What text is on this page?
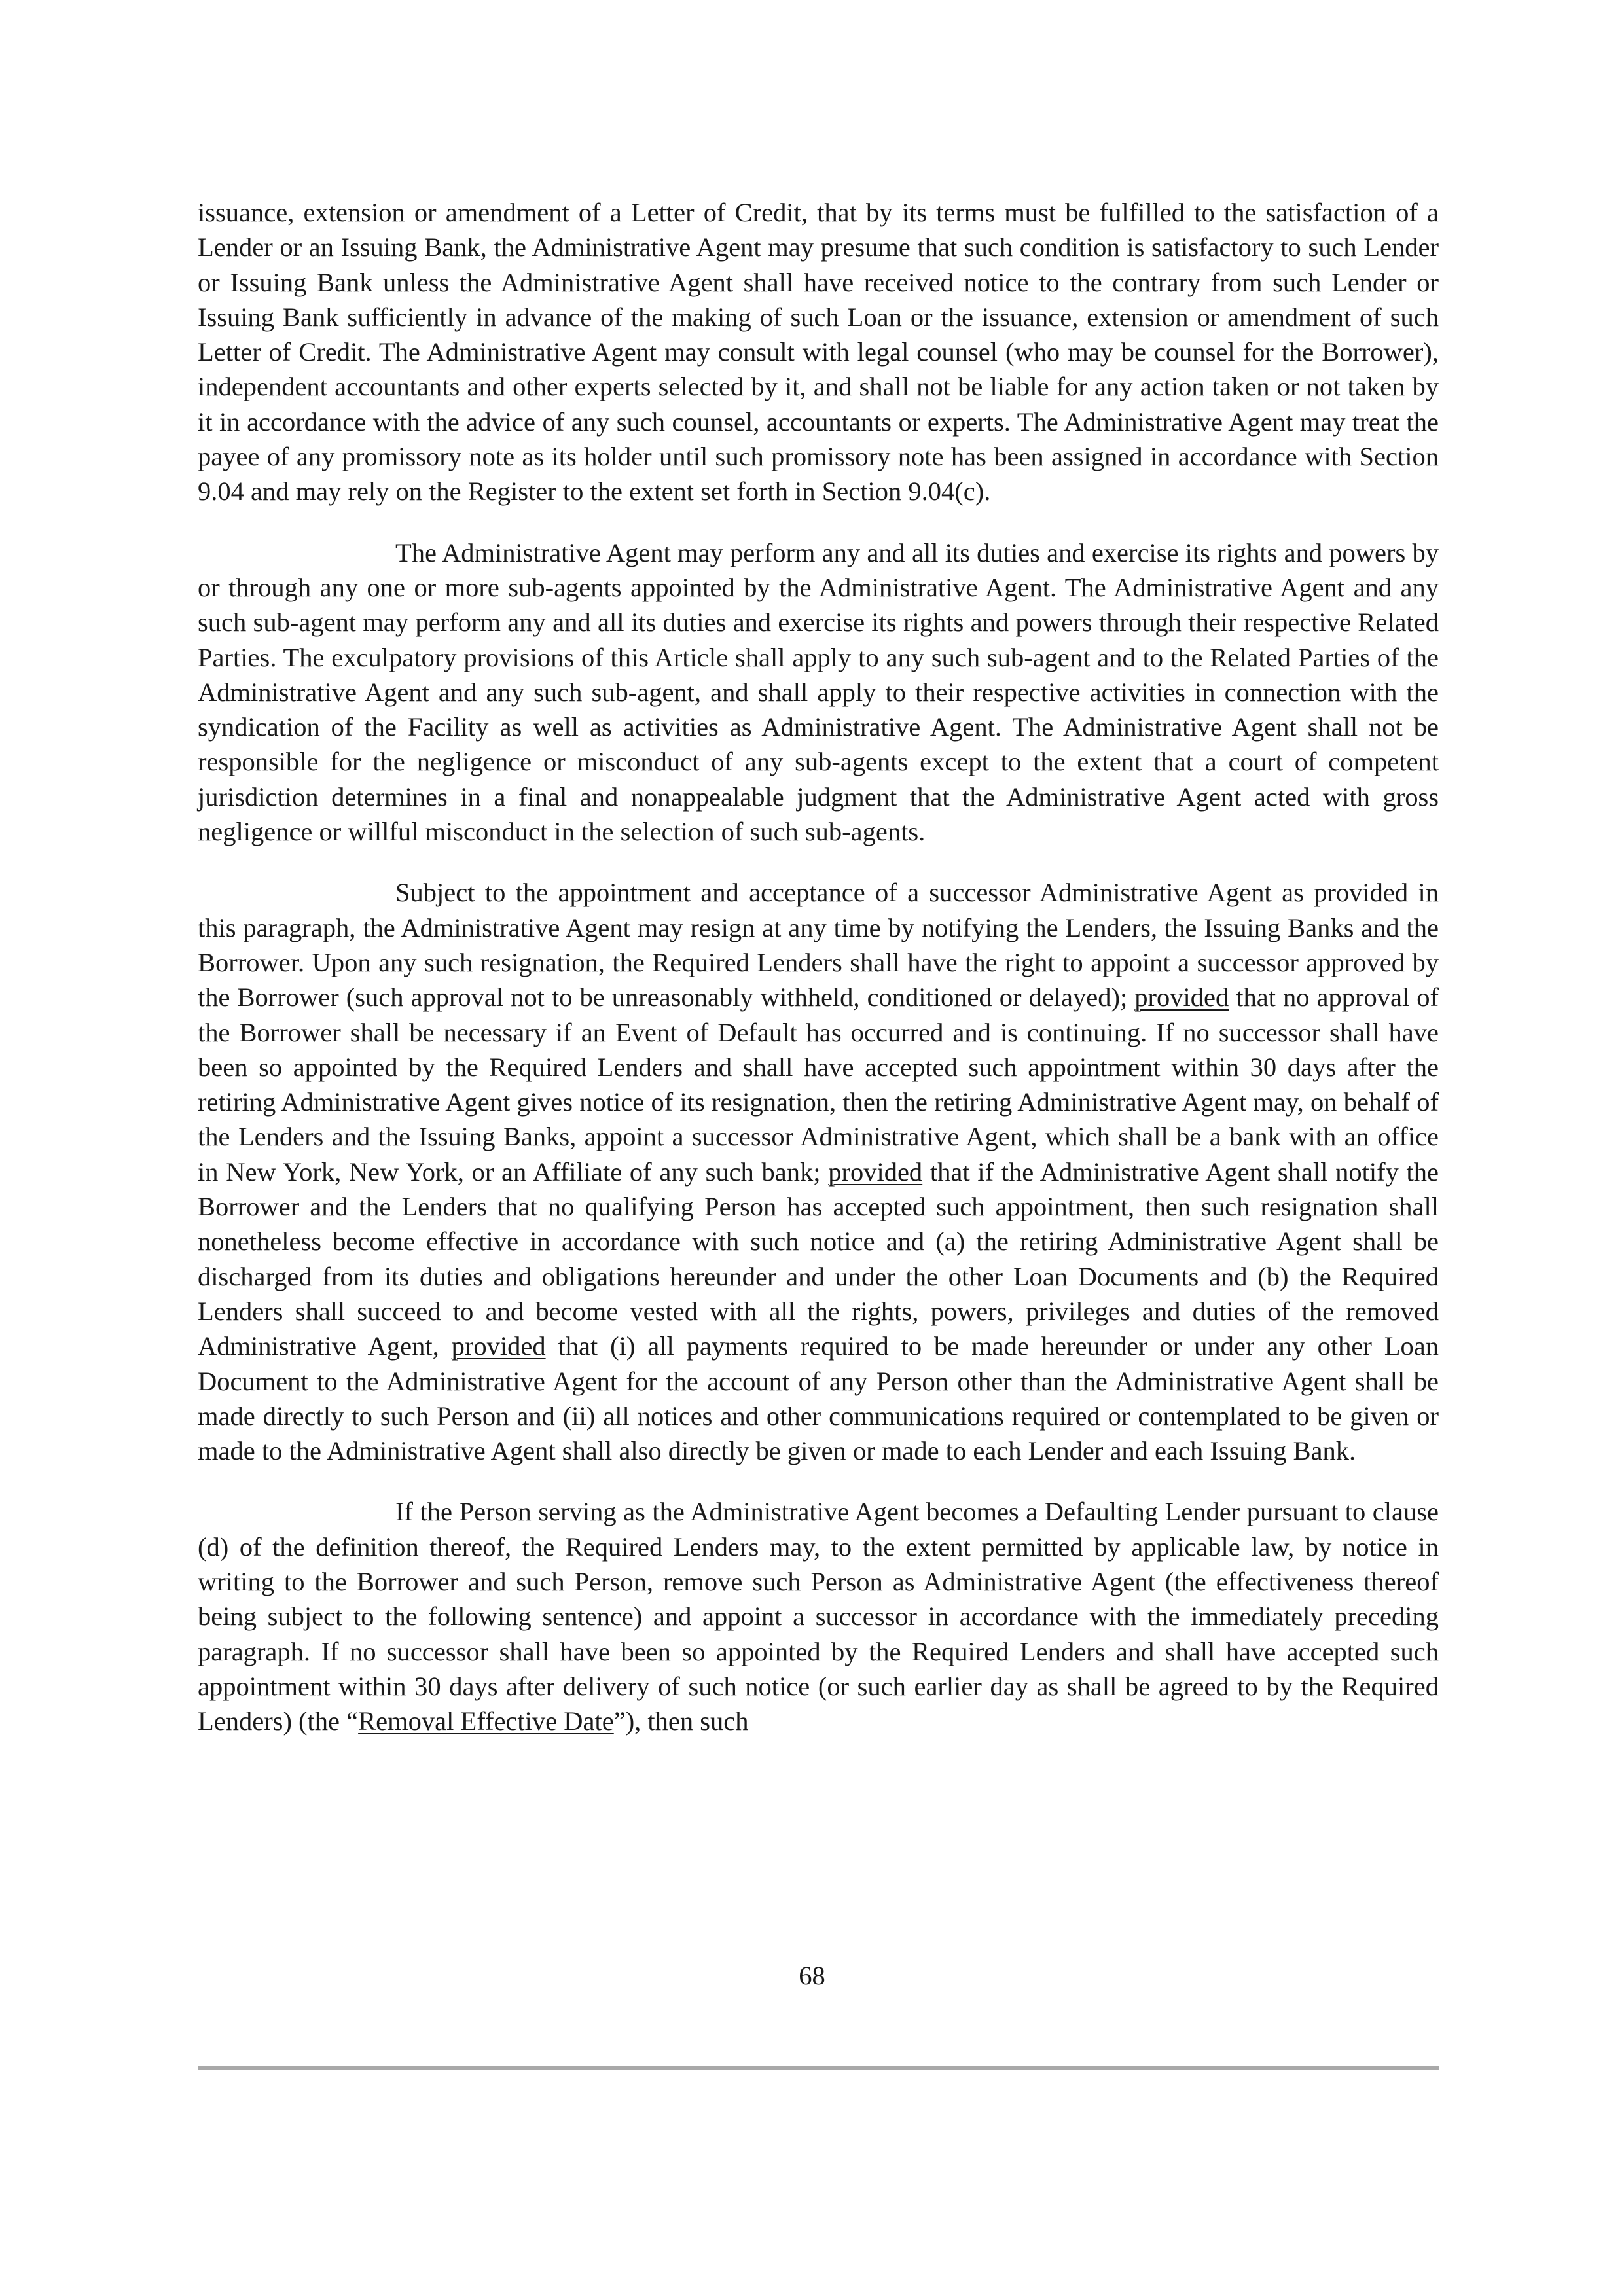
issuance, extension or amendment of a Letter of Credit, that by its terms must be fulfilled to the satisfaction of a Lender or an Issuing Bank, the Administrative Agent may presume that such condition is satisfactory to such Lender or Issuing Bank unless the Administrative Agent shall have received notice to the contrary from such Lender or Issuing Bank sufficiently in advance of the making of such Loan or the issuance, extension or amendment of such Letter of Credit. The Administrative Agent may consult with legal counsel (who may be counsel for the Borrower), independent accountants and other experts selected by it, and shall not be liable for any action taken or not taken by it in accordance with the advice of any such counsel, accountants or experts. The Administrative Agent may treat the payee of any promissory note as its holder until such promissory note has been assigned in accordance with Section 9.04 and may rely on the Register to the extent set forth in Section 9.04(c).

The Administrative Agent may perform any and all its duties and exercise its rights and powers by or through any one or more sub-agents appointed by the Administrative Agent. The Administrative Agent and any such sub-agent may perform any and all its duties and exercise its rights and powers through their respective Related Parties. The exculpatory provisions of this Article shall apply to any such sub-agent and to the Related Parties of the Administrative Agent and any such sub-agent, and shall apply to their respective activities in connection with the syndication of the Facility as well as activities as Administrative Agent. The Administrative Agent shall not be responsible for the negligence or misconduct of any sub-agents except to the extent that a court of competent jurisdiction determines in a final and nonappealable judgment that the Administrative Agent acted with gross negligence or willful misconduct in the selection of such sub-agents.

Subject to the appointment and acceptance of a successor Administrative Agent as provided in this paragraph, the Administrative Agent may resign at any time by notifying the Lenders, the Issuing Banks and the Borrower. Upon any such resignation, the Required Lenders shall have the right to appoint a successor approved by the Borrower (such approval not to be unreasonably withheld, conditioned or delayed); provided that no approval of the Borrower shall be necessary if an Event of Default has occurred and is continuing. If no successor shall have been so appointed by the Required Lenders and shall have accepted such appointment within 30 days after the retiring Administrative Agent gives notice of its resignation, then the retiring Administrative Agent may, on behalf of the Lenders and the Issuing Banks, appoint a successor Administrative Agent, which shall be a bank with an office in New York, New York, or an Affiliate of any such bank; provided that if the Administrative Agent shall notify the Borrower and the Lenders that no qualifying Person has accepted such appointment, then such resignation shall nonetheless become effective in accordance with such notice and (a) the retiring Administrative Agent shall be discharged from its duties and obligations hereunder and under the other Loan Documents and (b) the Required Lenders shall succeed to and become vested with all the rights, powers, privileges and duties of the removed Administrative Agent, provided that (i) all payments required to be made hereunder or under any other Loan Document to the Administrative Agent for the account of any Person other than the Administrative Agent shall be made directly to such Person and (ii) all notices and other communications required or contemplated to be given or made to the Administrative Agent shall also directly be given or made to each Lender and each Issuing Bank.

If the Person serving as the Administrative Agent becomes a Defaulting Lender pursuant to clause (d) of the definition thereof, the Required Lenders may, to the extent permitted by applicable law, by notice in writing to the Borrower and such Person, remove such Person as Administrative Agent (the effectiveness thereof being subject to the following sentence) and appoint a successor in accordance with the immediately preceding paragraph. If no successor shall have been so appointed by the Required Lenders and shall have accepted such appointment within 30 days after delivery of such notice (or such earlier day as shall be agreed to by the Required Lenders) (the “Removal Effective Date”), then such

68
